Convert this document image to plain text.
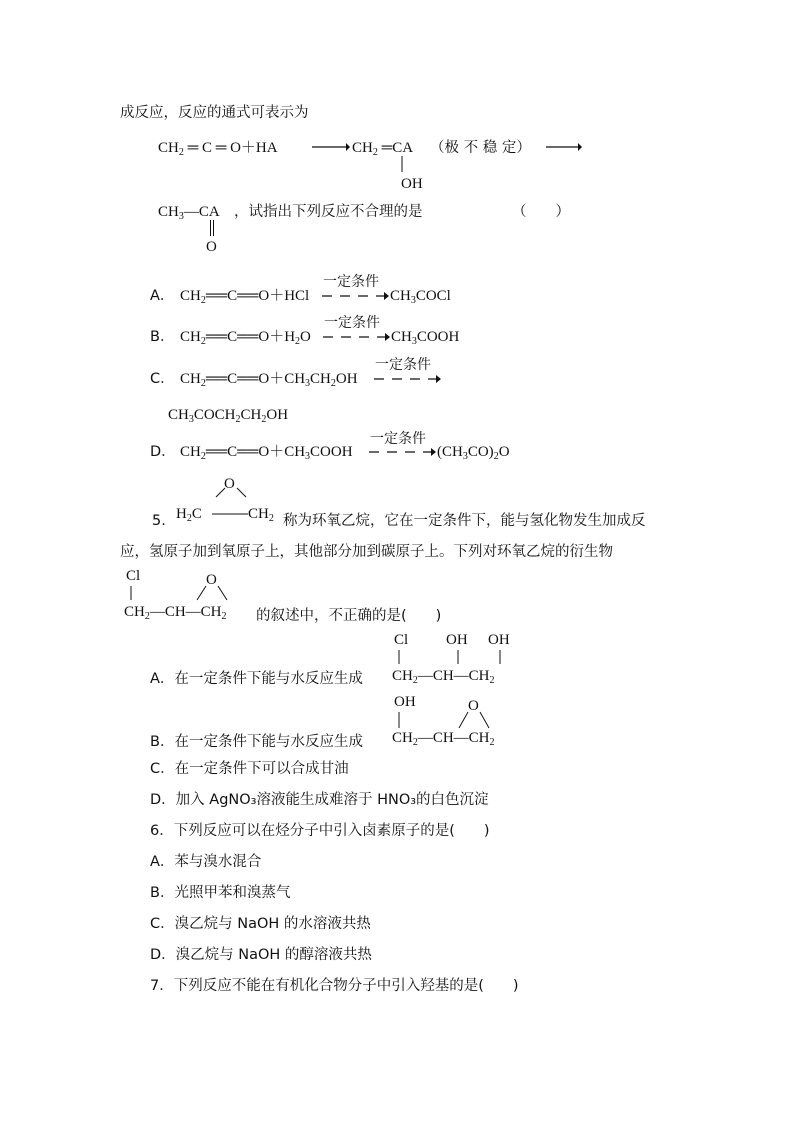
成反应，反应的通式可表示为
$CH_2$ ═ C ═ $O+HA \to CH_2$ ═CA
OH
（极 不 稳 定） →
$CH_3—CA$
O
，试指出下列反应不合理的是	（　　）
A． $CH_2══C══O+HCl$
一定条件
$CH_3COCl$
B． $CH_2══C══O+H_2O$
一定条件
$CH_3COOH$
C． $CH_2══C══O+CH_3CH_2OH$
一定条件
$CH_3COCH_2CH_2OH$
D． $CH_2══C══O+CH_3COOH$
一定条件
$(CH_3CO)_2O$
5.
O
$H_2C$	$CH_2$ 称为环氧乙烷，它在一定条件下，能与氢化物发生加成反
应，氢原子加到氧原子上，其他部分加到碳原子上。下列对环氧乙烷的衍生物
Cl	O
$CH_2—CH—CH_2$ 的叙述中，不正确的是(　　)
A．在一定条件下能与水反应生成
Cl	OH OH
$CH_2—CH—CH_2$
B．在一定条件下能与水反应生成
OH	O
$CH_2—CH—CH_2$
C．在一定条件下可以合成甘油
D．加入 AgNO₃溶液能生成难溶于 HNO₃的白色沉淀
6．下列反应可以在烃分子中引入卤素原子的是(　　)
A．苯与溴水混合
B．光照甲苯和溴蒸气
C．溴乙烷与 NaOH 的水溶液共热
D．溴乙烷与 NaOH 的醇溶液共热
7．下列反应不能在有机化合物分子中引入羟基的是(　　)
